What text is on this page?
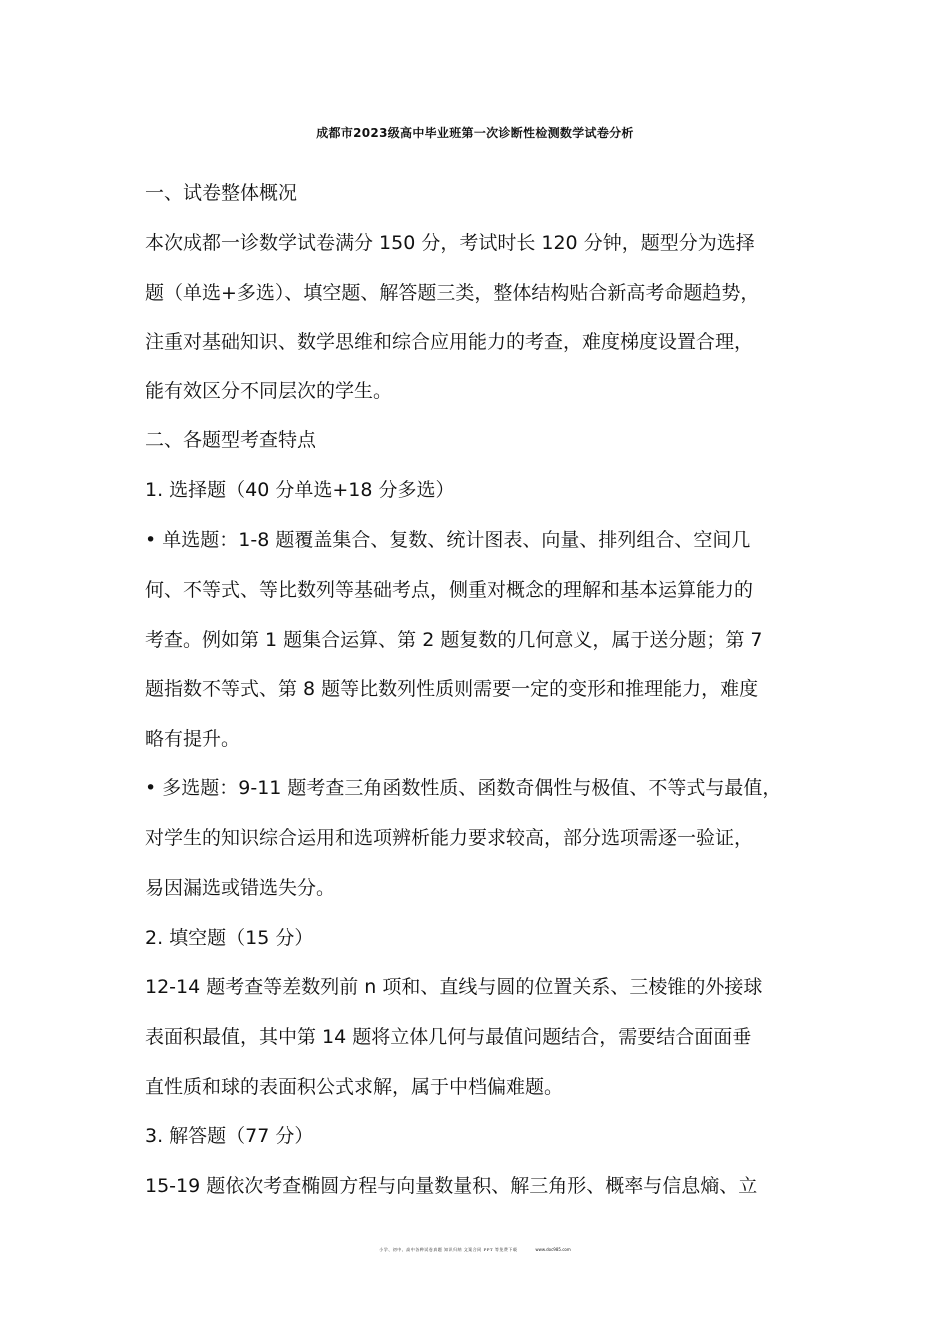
成都市2023级高中毕业班第一次诊断性检测数学试卷分析
一、试卷整体概况
本次成都一诊数学试卷满分 150 分，考试时长 120 分钟，题型分为选择
题（单选+多选）、填空题、解答题三类，整体结构贴合新高考命题趋势，
注重对基础知识、数学思维和综合应用能力的考查，难度梯度设置合理，
能有效区分不同层次的学生。
二、各题型考查特点
1. 选择题（40 分单选+18 分多选）
• 单选题：1-8 题覆盖集合、复数、统计图表、向量、排列组合、空间几
何、不等式、等比数列等基础考点，侧重对概念的理解和基本运算能力的
考查。例如第 1 题集合运算、第 2 题复数的几何意义，属于送分题；第 7
题指数不等式、第 8 题等比数列性质则需要一定的变形和推理能力，难度
略有提升。
• 多选题：9-11 题考查三角函数性质、函数奇偶性与极值、不等式与最值，
对学生的知识综合运用和选项辨析能力要求较高，部分选项需逐一验证，
易因漏选或错选失分。
2. 填空题（15 分）
12-14 题考查等差数列前 n 项和、直线与圆的位置关系、三棱锥的外接球
表面积最值，其中第 14 题将立体几何与最值问题结合，需要结合面面垂
直性质和球的表面积公式求解，属于中档偏难题。
3. 解答题（77 分）
15-19 题依次考查椭圆方程与向量数量积、解三角形、概率与信息熵、立
小学、初中、高中各种试卷真题 知识归纳 文案合同 PPT 等免费下载	www.doc985.com
